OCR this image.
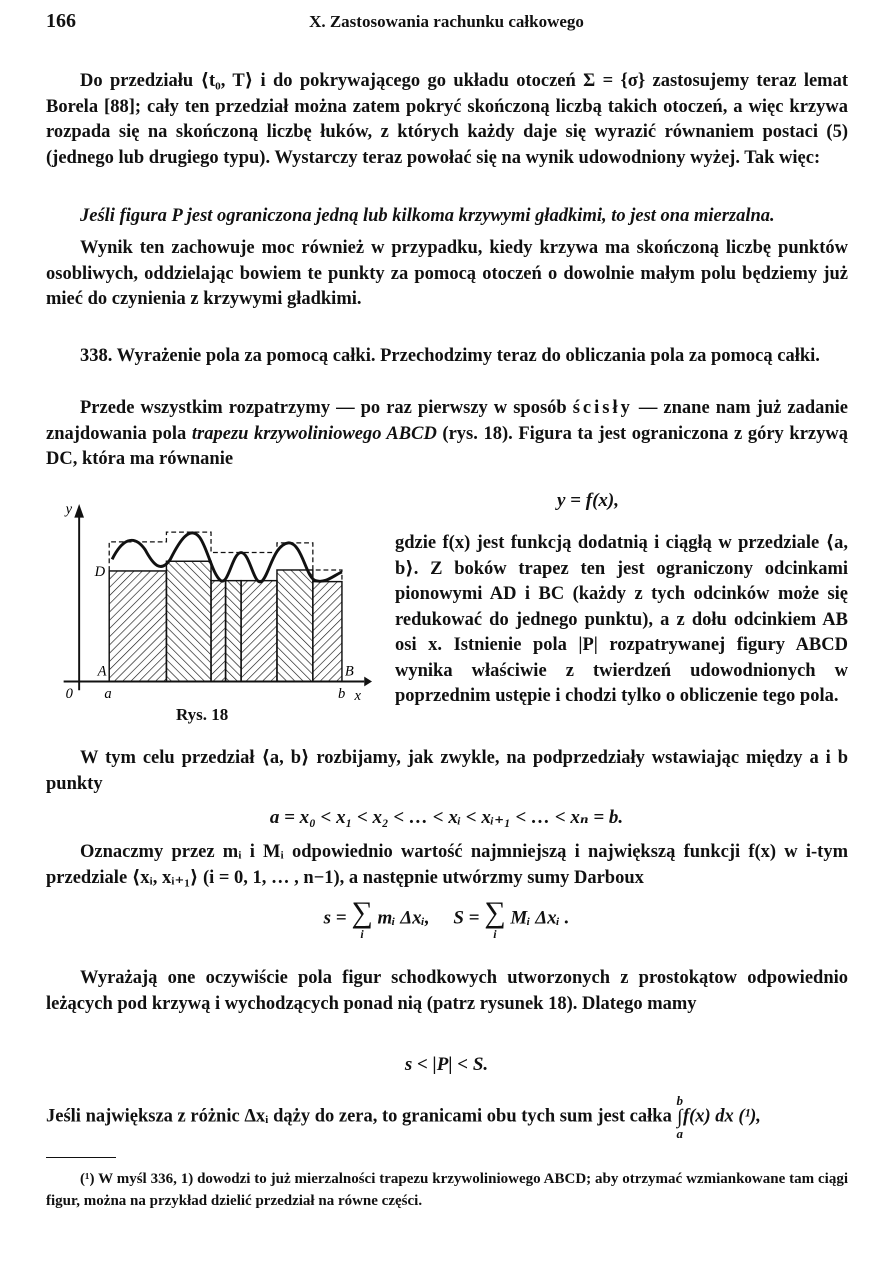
166	X. Zastosowania rachunku całkowego
Do przedziału ⟨t₀, T⟩ i do pokrywającego go układu otoczeń Σ = {σ} zastosujemy teraz lemat Borela [88]; cały ten przedział można zatem pokryć skończoną liczbą takich otoczeń, a więc krzywa rozpada się na skończoną liczbę łuków, z których każdy daje się wyrazić równaniem postaci (5) (jednego lub drugiego typu). Wystarczy teraz powołać się na wynik udowodniony wyżej. Tak więc:
Jeśli figura P jest ograniczona jedną lub kilkoma krzywymi gładkimi, to jest ona mierzalna.
Wynik ten zachowuje moc również w przypadku, kiedy krzywa ma skończoną liczbę punktów osobliwych, oddzielając bowiem te punkty za pomocą otoczeń o dowolnie małym polu będziemy już mieć do czynienia z krzywymi gładkimi.
338. Wyrażenie pola za pomocą całki. Przechodzimy teraz do obliczania pola za pomocą całki.
Przede wszystkim rozpatrzymy — po raz pierwszy w sposób ścisły — znane nam już zadanie znajdowania pola trapezu krzywoliniowego ABCD (rys. 18). Figura ta jest ograniczona z góry krzywą DC, która ma równanie
y = f(x),
y
0
D
A
a
B
b x
Rys. 18
gdzie f(x) jest funkcją dodatnią i ciągłą w przedziale ⟨a, b⟩. Z boków trapez ten jest ograniczony odcinkami pionowymi AD i BC (każdy z tych odcinków może się redukować do jednego punktu), a z dołu odcinkiem AB osi x. Istnienie pola |P| rozpatrywanej figury ABCD wynika właściwie z twierdzeń udowodnionych w poprzednim ustępie i chodzi tylko o obliczenie tego pola.
W tym celu przedział ⟨a, b⟩ rozbijamy, jak zwykle, na podprzedziały wstawiając między a i b punkty
a = x₀ < x₁ < x₂ < … < xᵢ < xᵢ₊₁ < … < xₙ = b.
Oznaczmy przez mᵢ i Mᵢ odpowiednio wartość najmniejszą i największą funkcji f(x) w i-tym przedziale ⟨xᵢ, xᵢ₊₁⟩ (i = 0, 1, … , n−1), a następnie utwórzmy sumy Darboux
s = ∑
i
mᵢ Δxᵢ, S = ∑
i
Mᵢ Δxᵢ .
Wyrażają one oczywiście pola figur schodkowych utworzonych z prostokątow odpowiednio leżących pod krzywą i wychodzących ponad nią (patrz rysunek 18). Dlatego mamy
s < |P| < S.
Jeśli największa z różnic Δxᵢ dąży do zera, to granicami obu tych sum jest całka b
∫
af(x) dx (¹),
(¹) W myśl 336, 1) dowodzi to już mierzalności trapezu krzywoliniowego ABCD; aby otrzymać wzmiankowane tam ciągi figur, można na przykład dzielić przedział na równe części.
